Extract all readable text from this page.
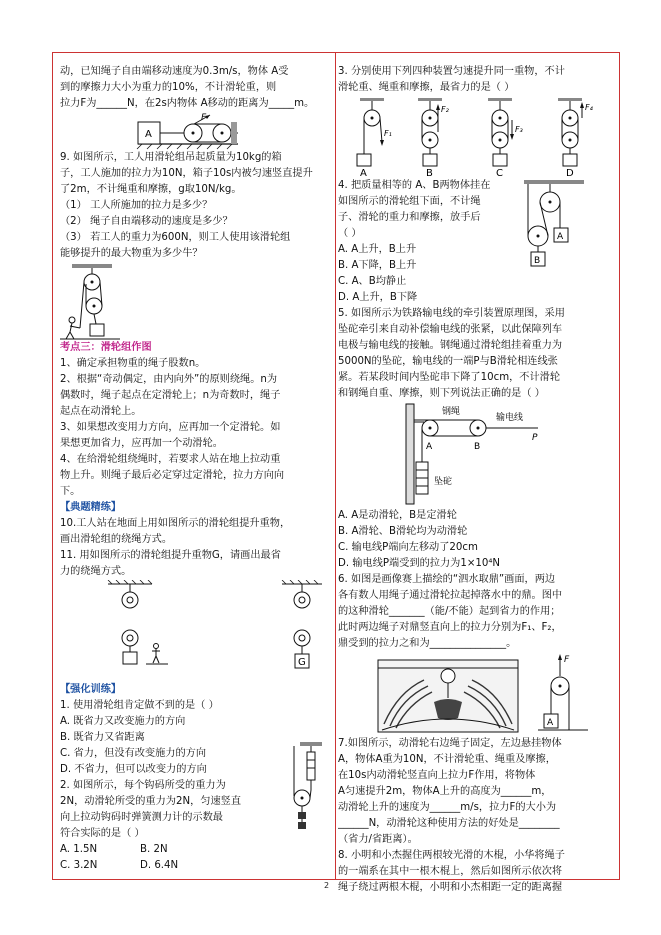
动，已知绳子自由端移动速度为0.3m/s，物体 A受
到的摩擦力大小为重力的10%，不计滑轮重，则
拉力F为______N，在2s内物体 A移动的距离为_____m。
A
F
9. 如图所示，工人用滑轮组吊起质量为10kg的箱
子，工人施加的拉力为10N，箱子10s内被匀速竖直提升
了2m，不计绳重和摩擦，g取10N/kg。
（1） 工人所施加的拉力是多少？
（2） 绳子自由端移动的速度是多少？
（3） 若工人的重力为600N，则工人使用该滑轮组
能够提升的最大物重为多少牛？
考点三：滑轮组作图
1、确定承担物重的绳子股数n。
2、根据“奇动偶定，由内向外”的原则绕绳。n为
偶数时，绳子起点在定滑轮上；n为奇数时，绳子
起点在动滑轮上。
3、如果想改变用力方向，应再加一个定滑轮。如
果想更加省力，应再加一个动滑轮。
4、在给滑轮组绕绳时，若要求人站在地上拉动重
物上升。则绳子最后必定穿过定滑轮，拉力方向向
下。
【典题精练】
10.工人站在地面上用如图所示的滑轮组提升重物，
画出滑轮组的绕绳方式。
11. 用如图所示的滑轮组提升重物G，请画出最省
力的绕绳方式。
G
【强化训练】
1. 使用滑轮组肯定做不到的是（ ）
A. 既省力又改变施力的方向
B. 既省力又省距离
C. 省力，但没有改变施力的方向
D. 不省力，但可以改变力的方向
2. 如图所示，每个钩码所受的重力为
2N，动滑轮所受的重力为2N，匀速竖直
向上拉动钩码时弹簧测力计的示数最
符合实际的是（ ）
A. 1.5N	B. 2N
C. 3.2N	D. 6.4N
3. 分别使用下列四种装置匀速提升同一重物，不计
滑轮重、绳重和摩擦，最省力的是（ ）
F₁
A
F₂
B
F₃
C
F₄
D
4. 把质量相等的 A、B两物体挂在
如图所示的滑轮组下面，不计绳
子、滑轮的重力和摩擦，放手后
（ ）
A. A上升，B上升
B. A下降，B上升
C. A、B均静止
D. A上升，B下降
A
B
5. 如图所示为铁路输电线的牵引装置原理图，采用
坠砣牵引来自动补偿输电线的张紧，以此保障列车
电极与输电线的接触。钢绳通过滑轮组挂着重力为
5000N的坠砣，输电线的一端P与B滑轮相连线张
紧。若某段时间内坠砣串下降了10cm，不计滑轮
和钢绳自重、摩擦，则下列说法正确的是（ ）
钢绳
输电线
P
A	B
坠砣
A. A是动滑轮，B是定滑轮
B. A滑轮、B滑轮均为动滑轮
C. 输电线P端向左移动了20cm
D. 输电线P端受到的拉力为1×10⁴N
6. 如图是画像赛上描绘的“泗水取鼎”画面，两边
各有数人用绳子通过滑轮拉起掉落水中的鼎。图中
的这种滑轮_______（能/不能）起到省力的作用；
此时两边绳子对鼎竖直向上的拉力分别为F₁、F₂，
鼎受到的拉力之和为_______________。
F
A
7.如图所示，动滑轮右边绳子固定，左边悬挂物体
A，物体A重为10N，不计滑轮重、绳重及摩擦，
在10s内动滑轮竖直向上拉力F作用，将物体
A匀速提升2m，物体A上升的高度为______m，
动滑轮上升的速度为______m/s，拉力F的大小为
______N，动滑轮这种使用方法的好处是________
（省力/省距离）。
8. 小明和小杰握住两根较光滑的木棍，小华将绳子
的一端系在其中一根木棍上，然后如图所示依次将
绳子绕过两根木棍，小明和小杰相距一定的距离握
2
